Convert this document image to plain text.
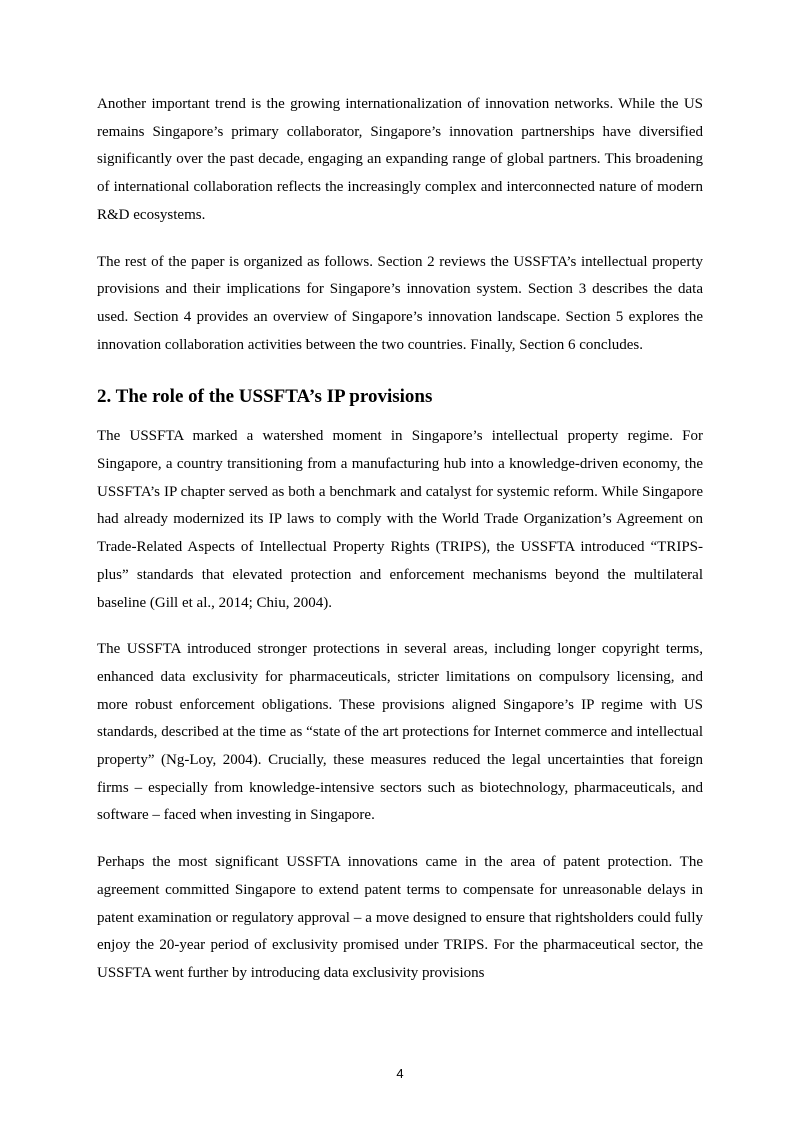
Another important trend is the growing internationalization of innovation networks. While the US remains Singapore’s primary collaborator, Singapore’s innovation partnerships have diversified significantly over the past decade, engaging an expanding range of global partners. This broadening of international collaboration reflects the increasingly complex and interconnected nature of modern R&D ecosystems.

The rest of the paper is organized as follows. Section 2 reviews the USSFTA’s intellectual property provisions and their implications for Singapore’s innovation system. Section 3 describes the data used. Section 4 provides an overview of Singapore’s innovation landscape. Section 5 explores the innovation collaboration activities between the two countries. Finally, Section 6 concludes.

2. The role of the USSFTA’s IP provisions

The USSFTA marked a watershed moment in Singapore’s intellectual property regime. For Singapore, a country transitioning from a manufacturing hub into a knowledge-driven economy, the USSFTA’s IP chapter served as both a benchmark and catalyst for systemic reform. While Singapore had already modernized its IP laws to comply with the World Trade Organization’s Agreement on Trade-Related Aspects of Intellectual Property Rights (TRIPS), the USSFTA introduced “TRIPS-plus” standards that elevated protection and enforcement mechanisms beyond the multilateral baseline (Gill et al., 2014; Chiu, 2004).

The USSFTA introduced stronger protections in several areas, including longer copyright terms, enhanced data exclusivity for pharmaceuticals, stricter limitations on compulsory licensing, and more robust enforcement obligations. These provisions aligned Singapore’s IP regime with US standards, described at the time as “state of the art protections for Internet commerce and intellectual property” (Ng-Loy, 2004). Crucially, these measures reduced the legal uncertainties that foreign firms – especially from knowledge-intensive sectors such as biotechnology, pharmaceuticals, and software – faced when investing in Singapore.

Perhaps the most significant USSFTA innovations came in the area of patent protection. The agreement committed Singapore to extend patent terms to compensate for unreasonable delays in patent examination or regulatory approval – a move designed to ensure that rightsholders could fully enjoy the 20-year period of exclusivity promised under TRIPS. For the pharmaceutical sector, the USSFTA went further by introducing data exclusivity provisions

4
